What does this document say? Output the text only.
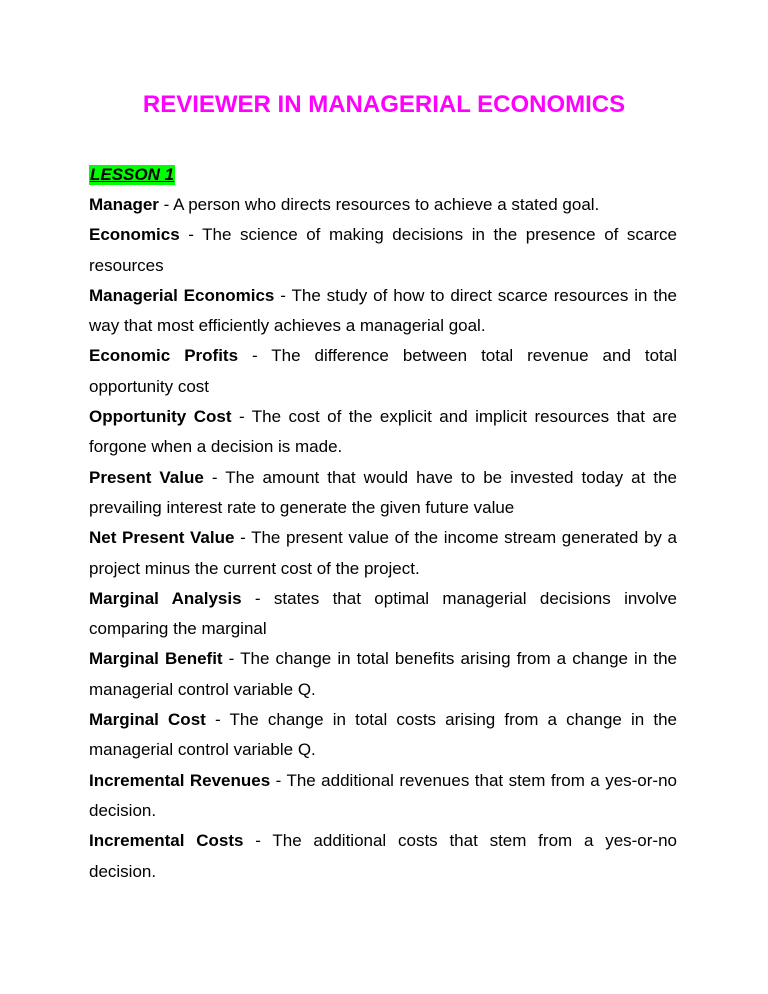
REVIEWER IN MANAGERIAL ECONOMICS
LESSON 1

Manager - A person who directs resources to achieve a stated goal.

Economics - The science of making decisions in the presence of scarce resources

Managerial Economics - The study of how to direct scarce resources in the way that most efficiently achieves a managerial goal.

Economic Profits - The difference between total revenue and total opportunity cost

Opportunity Cost - The cost of the explicit and implicit resources that are forgone when a decision is made.

Present Value - The amount that would have to be invested today at the prevailing interest rate to generate the given future value

Net Present Value - The present value of the income stream generated by a project minus the current cost of the project.

Marginal Analysis - states that optimal managerial decisions involve comparing the marginal

Marginal Benefit - The change in total benefits arising from a change in the managerial control variable Q.

Marginal Cost - The change in total costs arising from a change in the managerial control variable Q.

Incremental Revenues - The additional revenues that stem from a yes-or-no decision.

Incremental Costs - The additional costs that stem from a yes-or-no decision.
